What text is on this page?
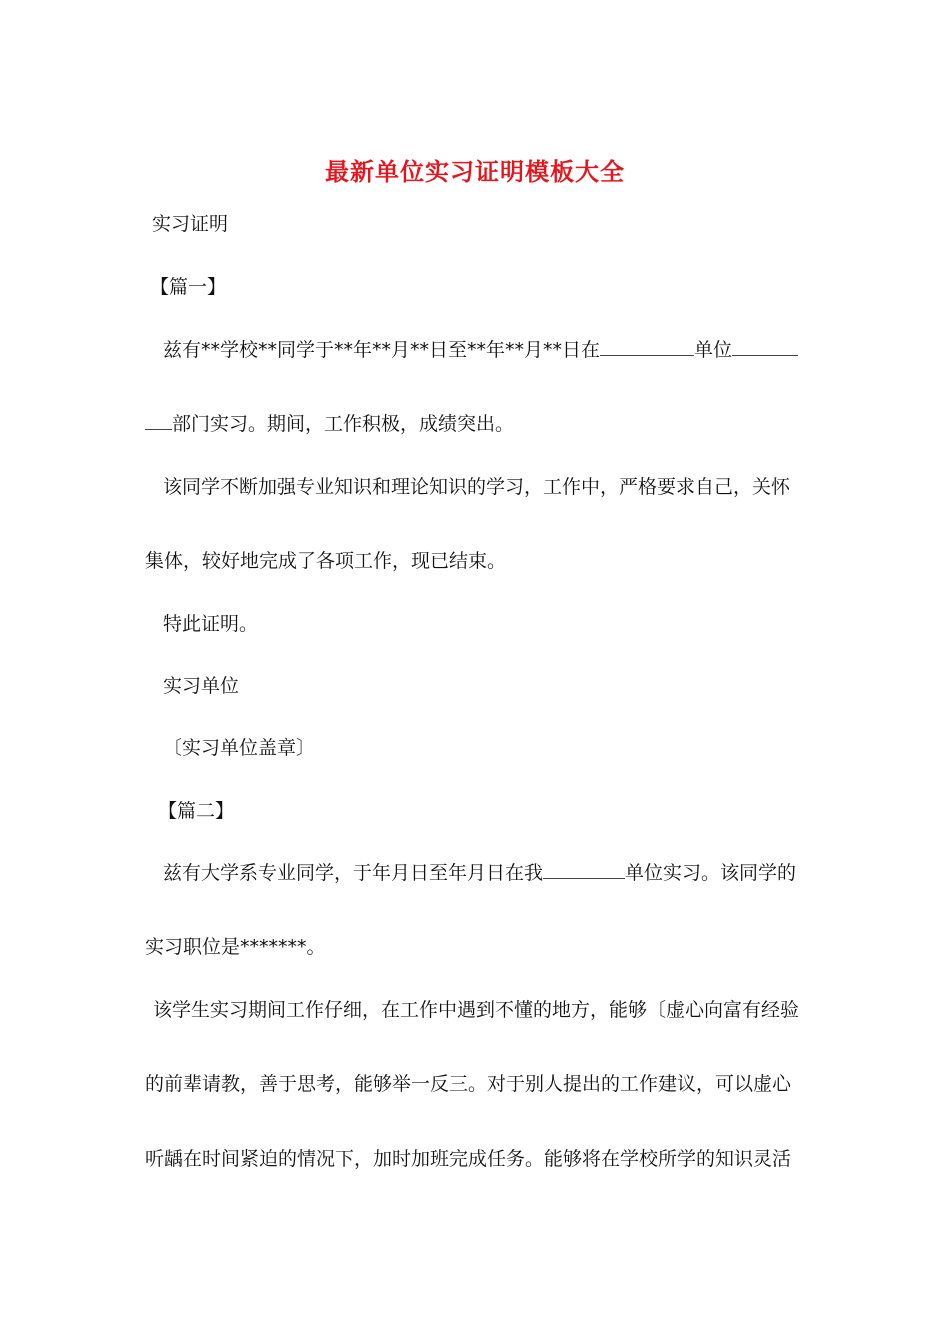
最新单位实习证明模板大全
实习证明
【篇一】
兹有**学校**同学于**年**月**日至**年**月**日在	单位
部门实习。期间，工作积极，成绩突出。
该同学不断加强专业知识和理论知识的学习，工作中，严格要求自己，关怀
集体，较好地完成了各项工作，现已结束。
特此证明。
实习单位
〔实习单位盖章〕
【篇二】
兹有大学系专业同学，于年月日至年月日在我	单位实习。该同学的
实习职位是*******。
该学生实习期间工作仔细，在工作中遇到不懂的地方，能够〔虚心向富有经验
的前辈请教，善于思考，能够举一反三。对于别人提出的工作建议，可以虚心
听龋在时间紧迫的情况下，加时加班完成任务。能够将在学校所学的知识灵活
